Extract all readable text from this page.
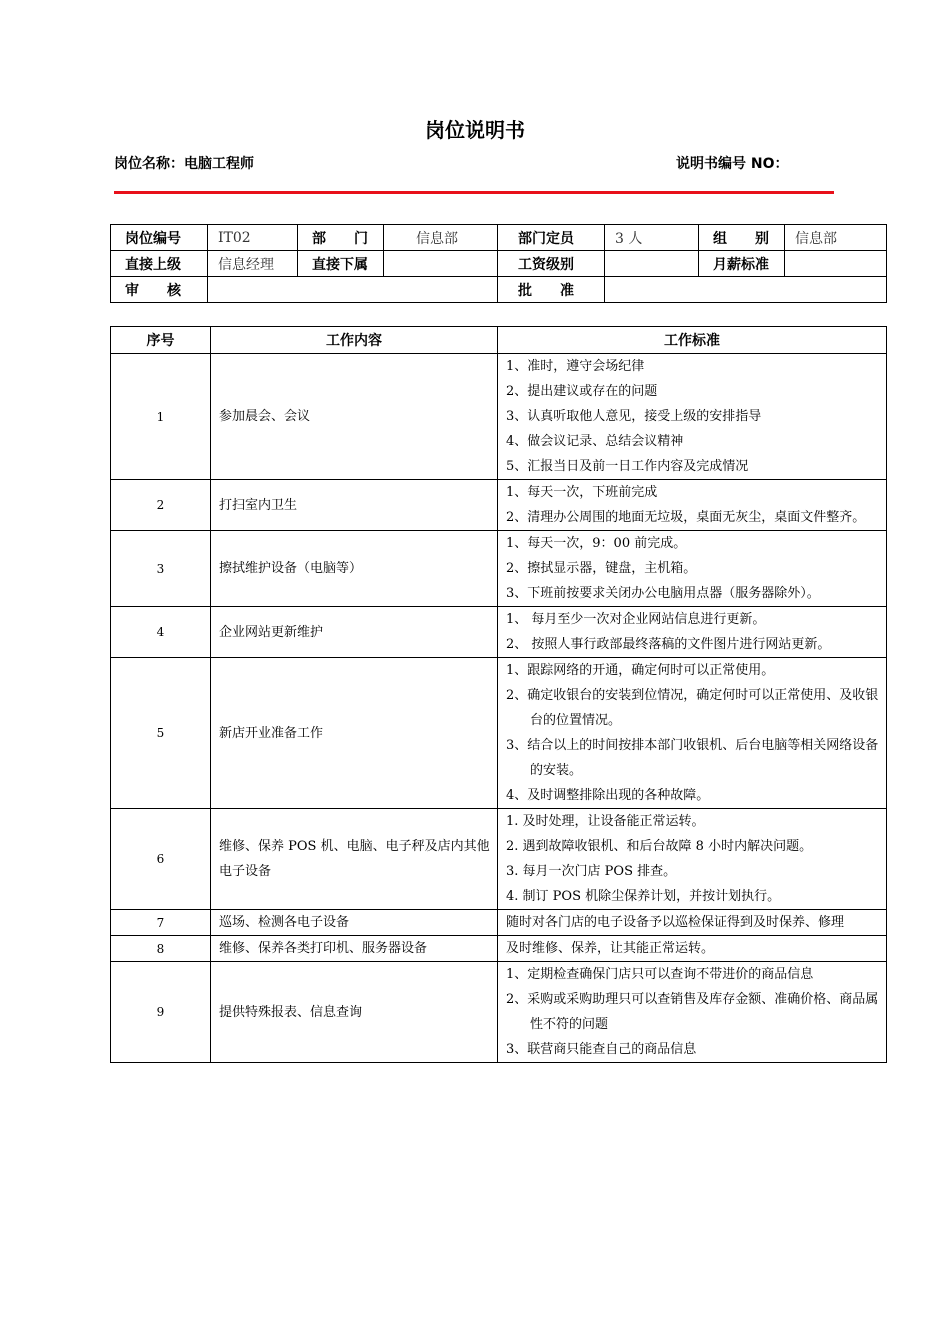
岗位说明书
岗位名称：电脑工程师	说明书编号 NO：
岗位编号	IT02	部　　门	信息部	部门定员	3 人	组　　别	信息部
直接上级	信息经理	直接下属		工资级别		月薪标准	
审　　核				批　　准			
序号	工作内容	工作标准
1	参加晨会、会议	1、准时，遵守会场纪律
2、提出建议或存在的问题
3、认真听取他人意见，接受上级的安排指导
4、做会议记录、总结会议精神
5、汇报当日及前一日工作内容及完成情况

2	打扫室内卫生	1、每天一次，下班前完成
2、清理办公周围的地面无垃圾，桌面无灰尘，桌面文件整齐。

3	擦拭维护设备（电脑等）	1、每天一次，9：00 前完成。
2、擦拭显示器，键盘，主机箱。
3、下班前按要求关闭办公电脑用点器（服务器除外）。

4	企业网站更新维护	1、 每月至少一次对企业网站信息进行更新。
2、 按照人事行政部最终落稿的文件图片进行网站更新。

5	新店开业准备工作	1、跟踪网络的开通，确定何时可以正常使用。
2、确定收银台的安装到位情况，确定何时可以正常使用、及收银台的位置情况。
3、结合以上的时间按排本部门收银机、后台电脑等相关网络设备的安装。
4、及时调整排除出现的各种故障。

6	维修、保养 POS 机、电脑、电子秤及店内其他电子设备	1. 及时处理，让设备能正常运转。
2. 遇到故障收银机、和后台故障 8 小时内解决问题。
3. 每月一次门店 POS 排查。
4. 制订 POS 机除尘保养计划，并按计划执行。

7	巡场、检测各电子设备	随时对各门店的电子设备予以巡检保证得到及时保养、修理

8	维修、保养各类打印机、服务器设备	及时维修、保养，让其能正常运转。

9	提供特殊报表、信息查询	1、定期检查确保门店只可以查询不带进价的商品信息
2、采购或采购助理只可以查销售及库存金额、准确价格、商品属性不符的问题
3、联营商只能查自己的商品信息
